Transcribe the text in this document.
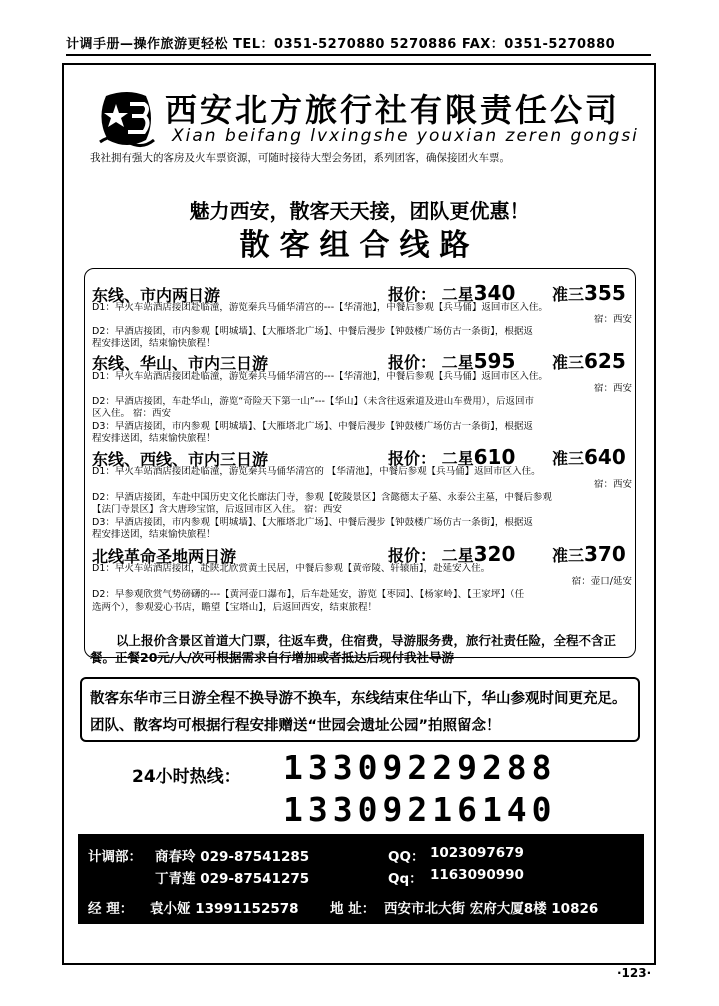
计调手册—操作旅游更轻松 TEL：0351-5270880 5270886 FAX：0351-5270880
西安北方旅行社有限责任公司
Xian beifang lvxingshe youxian zeren gongsi
我社拥有强大的客房及火车票资源，可随时接待大型会务团，系列团客，确保接团火车票。
魅力西安，散客天天接，团队更优惠！
散客组合线路
东线、市内两日游	报价： 二星340 准三355
D1：早火车站酒店接团赴临潼，游览秦兵马俑华清宫的---【华清池】，中餐后参观【兵马俑】返回市区入住。
宿：西安
D2：早酒店接团，市内参观【明城墙】、【大雁塔北广场】、中餐后漫步【钟鼓楼广场仿古一条街】，根据返
程安排送团，结束愉快旅程！
东线、华山、市内三日游	报价： 二星595 准三625
D1：早火车站酒店接团赴临潼，游览秦兵马俑华清宫的---【华清池】，中餐后参观【兵马俑】返回市区入住。
宿：西安
D2：早酒店接团，车赴华山，游览“奇险天下第一山”---【华山】（未含往返索道及进山车费用），后返回市
区入住。 宿：西安
D3：早酒店接团，市内参观【明城墙】、【大雁塔北广场】、中餐后漫步【钟鼓楼广场仿古一条街】，根据返
程安排送团，结束愉快旅程！
东线、西线、市内三日游	报价： 二星610 准三640
D1：早火车站酒店接团赴临潼，游览秦兵马俑华清宫的 【华清池】，中餐后参观【兵马俑】返回市区入住。
宿：西安
D2：早酒店接团，车赴中国历史文化长廊法门寺，参观【乾陵景区】含懿德太子墓、永泰公主墓，中餐后参观
【法门寺景区】含大唐珍宝馆，后返回市区入住。 宿：西安
D3：早酒店接团，市内参观【明城墙】、【大雁塔北广场】、中餐后漫步【钟鼓楼广场仿古一条街】，根据返
程安排送团，结束愉快旅程！
北线革命圣地两日游	报价： 二星320 准三370
D1：早火车站酒店接团，赴陕北欣赏黄土民居，中餐后参观【黄帝陵、轩辕庙】，赴延安入住。
宿：壶口/延安
D2：早参观欣赏气势磅礴的---【黄河壶口瀑布】，后车赴延安，游览【枣园】、【杨家岭】、【王家坪】（任
选两个），参观爱心书店，瞻望【宝塔山】，后返回西安，结束旅程！
以上报价含景区首道大门票，往返车费，住宿费，导游服务费，旅行社责任险，全程不含正餐。正餐20元/人/次可根据需求自行增加或者抵达后现付我社导游
散客东华市三日游全程不换导游不换车，东线结束住华山下，华山参观时间更充足。
团队、散客均可根据行程安排赠送“世园会遗址公园”拍照留念！
24小时热线： 13309229288
13309216140
计调部： 商春玲 029-87541285	QQ： 1023097679
丁青莲 029-87541275	Qq： 1163090990
经 理： 袁小娅 13991152578 地 址： 西安市北大街 宏府大厦8楼 10826
·123·
